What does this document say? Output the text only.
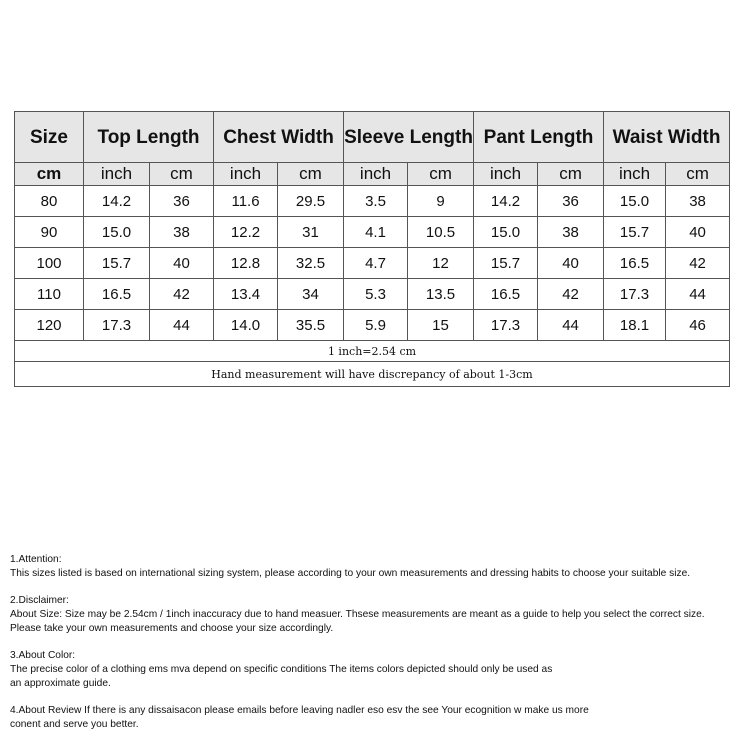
Size	Top Length		Chest Width		Sleeve Length		Pant Length		Waist Width	
cm	inch	cm	inch	cm	inch	cm	inch	cm	inch	cm
80	14.2	36	11.6	29.5	3.5	9	14.2	36	15.0	38
90	15.0	38	12.2	31	4.1	10.5	15.0	38	15.7	40
100	15.7	40	12.8	32.5	4.7	12	15.7	40	16.5	42
110	16.5	42	13.4	34	5.3	13.5	16.5	42	17.3	44
120	17.3	44	14.0	35.5	5.9	15	17.3	44	18.1	46
1 inch=2.54 cm										
Hand measurement will have discrepancy of about 1-3cm										
1.Attention:
This sizes listed is based on international sizing system, please according to your own measurements and dressing habits to choose your suitable size.
2.Disclaimer:
About Size: Size may be 2.54cm / 1inch inaccuracy due to hand measuer. Thsese measurements are meant as a guide to help you select the correct size.
Please take your own measurements and choose your size accordingly.
3.About Color:
The precise color of a clothing ems mva depend on specific conditions The items colors depicted should only be used as
an approximate guide.
4.About Review If there is any dissaisacon please emails before leaving nadler eso esv the see Your ecognition w make us more
conent and serve you better.
